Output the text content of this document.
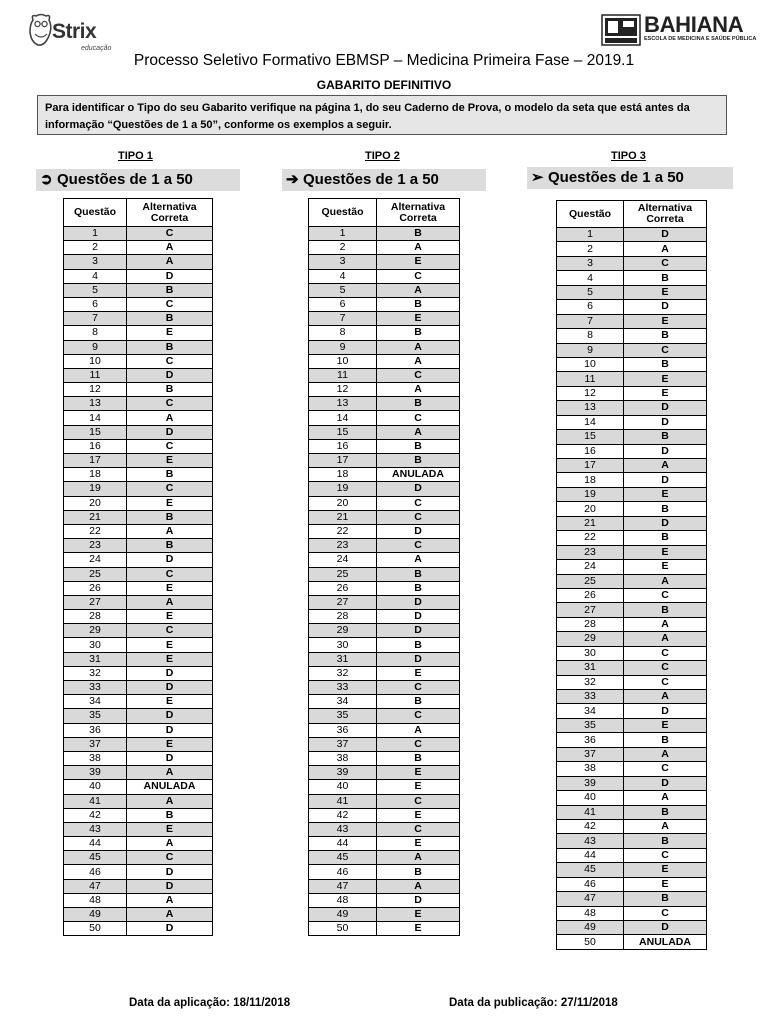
Strix
educação
BAHIANA
ESCOLA DE MEDICINA E SAÚDE PÚBLICA
Processo Seletivo Formativo EBMSP – Medicina Primeira Fase – 2019.1
GABARITO DEFINITIVO
Para identificar o Tipo do seu Gabarito verifique na página 1, do seu Caderno de Prova, o modelo da seta que está antes da informação “Questões de 1 a 50”, conforme os exemplos a seguir.
TIPO 1
➲ Questões de 1 a 50
Questão	Alternativa Correta
1	C
2	A
3	A
4	D
5	B
6	C
7	B
8	E
9	B
10	C
11	D
12	B
13	C
14	A
15	D
16	C
17	E
18	B
19	C
20	E
21	B
22	A
23	B
24	D
25	C
26	E
27	A
28	E
29	C
30	E
31	E
32	D
33	D
34	E
35	D
36	D
37	E
38	D
39	A
40	ANULADA
41	A
42	B
43	E
44	A
45	C
46	D
47	D
48	A
49	A
50	D
TIPO 2
➔ Questões de 1 a 50
Questão	Alternativa Correta
1	B
2	A
3	E
4	C
5	A
6	B
7	E
8	B
9	A
10	A
11	C
12	A
13	B
14	C
15	A
16	B
17	B
18	ANULADA
19	D
20	C
21	C
22	D
23	C
24	A
25	B
26	B
27	D
28	D
29	D
30	B
31	D
32	E
33	C
34	B
35	C
36	A
37	C
38	B
39	E
40	E
41	C
42	E
43	C
44	E
45	A
46	B
47	A
48	D
49	E
50	E
TIPO 3
➢ Questões de 1 a 50
Questão	Alternativa Correta
1	D
2	A
3	C
4	B
5	E
6	D
7	E
8	B
9	C
10	B
11	E
12	E
13	D
14	D
15	B
16	D
17	A
18	D
19	E
20	B
21	D
22	B
23	E
24	E
25	A
26	C
27	B
28	A
29	A
30	C
31	C
32	C
33	A
34	D
35	E
36	B
37	A
38	C
39	D
40	A
41	B
42	A
43	B
44	C
45	E
46	E
47	B
48	C
49	D
50	ANULADA
Data da aplicação: 18/11/2018	Data da publicação: 27/11/2018
